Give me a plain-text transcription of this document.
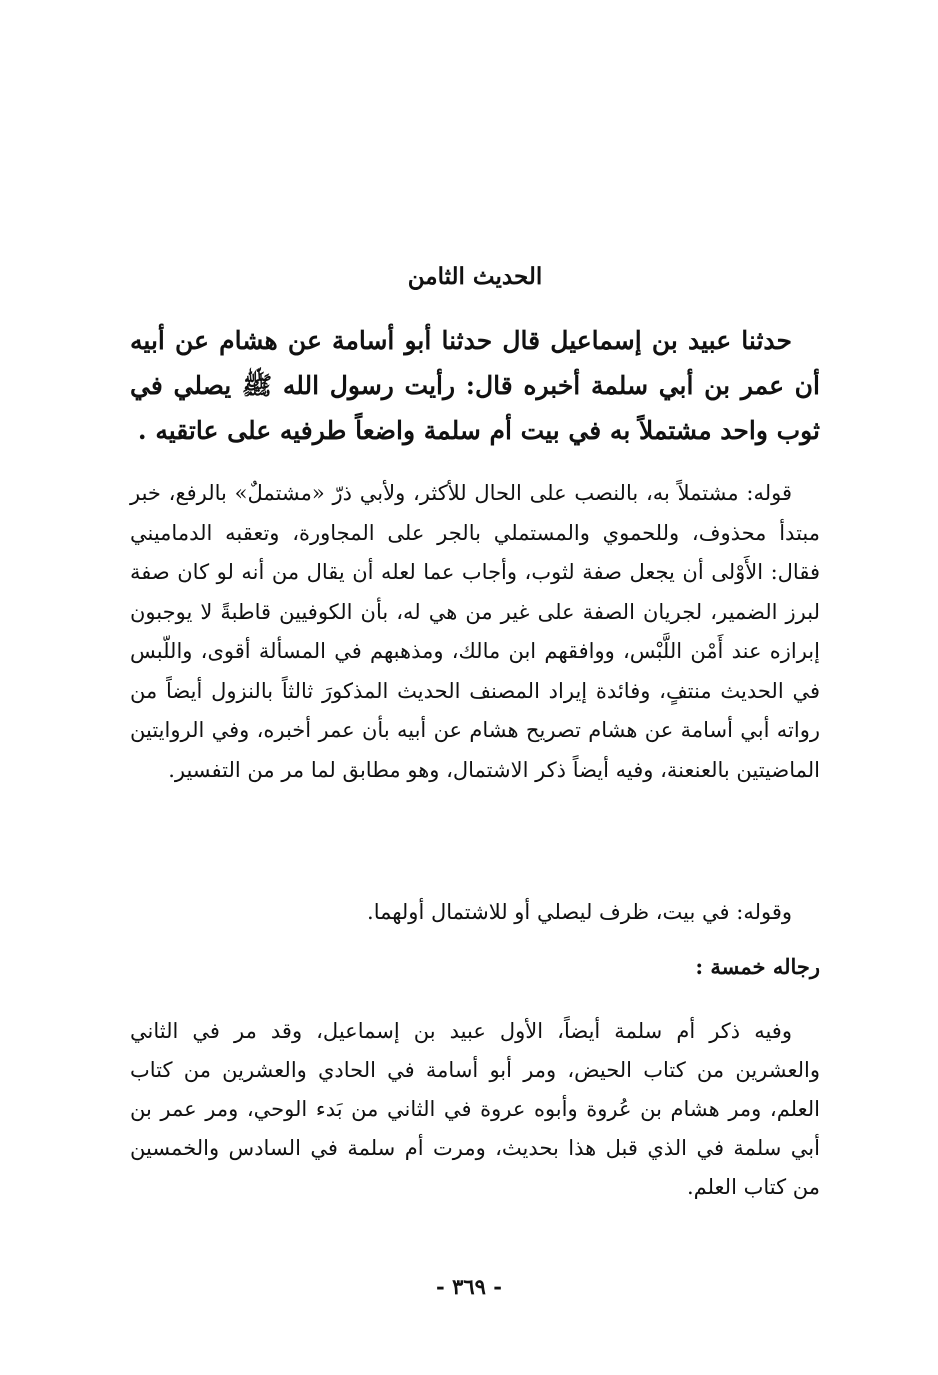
الحديث الثامن

حدثنا عبيد بن إسماعيل قال حدثنا أبو أسامة عن هشام عن أبيه أن عمر بن أبي سلمة أخبره قال: رأيت رسول الله ﷺ يصلي في ثوب واحد مشتملاً به في بيت أم سلمة واضعاً طرفيه على عاتقيه .

قوله: مشتملاً به، بالنصب على الحال للأكثر، ولأبي ذرّ «مشتملٌ» بالرفع، خبر مبتدأ محذوف، وللحموي والمستملي بالجر على المجاورة، وتعقبه الدماميني فقال: الأَوْلى أن يجعل صفة لثوب، وأجاب عما لعله أن يقال من أنه لو كان صفة لبرز الضمير، لجريان الصفة على غير من هي له، بأن الكوفيين قاطبةً لا يوجبون إبرازه عند أَمْن اللَّبْس، ووافقهم ابن مالك، ومذهبهم في المسألة أقوى، واللّبس في الحديث منتفٍ، وفائدة إيراد المصنف الحديث المذكورَ ثالثاً بالنزول أيضاً من رواته أبي أسامة عن هشام تصريح هشام عن أبيه بأن عمر أخبره، وفي الروايتين الماضيتين بالعنعنة، وفيه أيضاً ذكر الاشتمال، وهو مطابق لما مر من التفسير.

وقوله: في بيت، ظرف ليصلي أو للاشتمال أولهما.

رجاله خمسة :

وفيه ذكر أم سلمة أيضاً، الأول عبيد بن إسماعيل، وقد مر في الثاني والعشرين من كتاب الحيض، ومر أبو أسامة في الحادي والعشرين من كتاب العلم، ومر هشام بن عُروة وأبوه عروة في الثاني من بَدء الوحي، ومر عمر بن أبي سلمة في الذي قبل هذا بحديث، ومرت أم سلمة في السادس والخمسين من كتاب العلم.

- ٣٦٩ -
